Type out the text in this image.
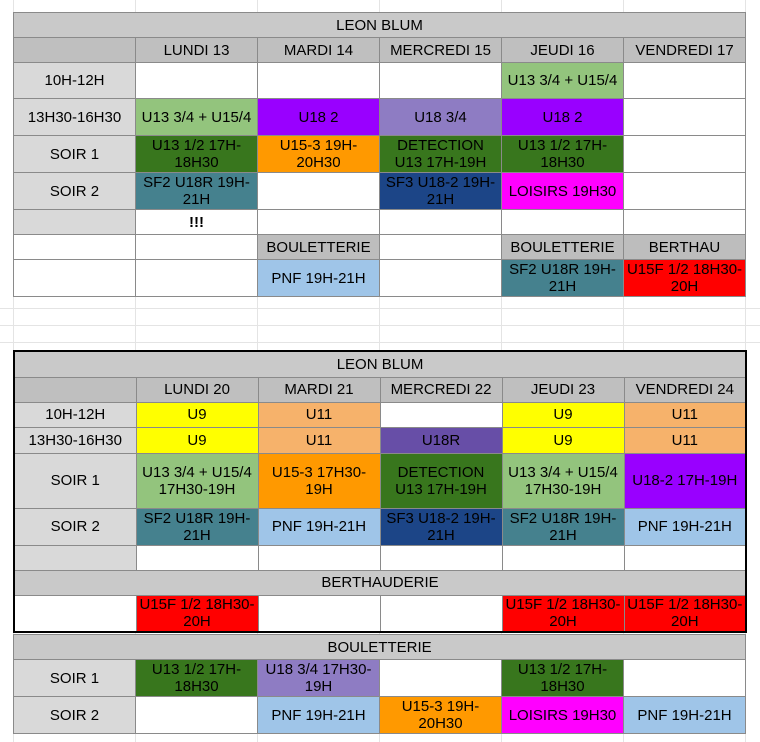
LEON BLUM					
	LUNDI 13	MARDI 14	MERCREDI 15	JEUDI 16	VENDREDI 17
10H-12H				U13 3/4 + U15/4	
13H30-16H30	U13 3/4 + U15/4	U18 2	U18 3/4	U18 2	
SOIR 1	U13 1/2 17H-18H30	U15-3 19H-20H30	DETECTION U13 17H-19H	U13 1/2 17H-18H30	
SOIR 2	SF2 U18R 19H-21H		SF3 U18-2 19H-21H	LOISIRS 19H30	
	!!!				
		BOULETTERIE		BOULETTERIE	BERTHAU
		PNF 19H-21H		SF2 U18R 19H-21H	U15F 1/2 18H30-20H
LEON BLUM					
	LUNDI 20	MARDI 21	MERCREDI 22	JEUDI 23	VENDREDI 24
10H-12H	U9	U11		U9	U11
13H30-16H30	U9	U11	U18R	U9	U11
SOIR 1	U13 3/4 + U15/4 17H30-19H	U15-3 17H30-19H	DETECTION U13 17H-19H	U13 3/4 + U15/4 17H30-19H	U18-2 17H-19H
SOIR 2	SF2 U18R 19H-21H	PNF 19H-21H	SF3 U18-2 19H-21H	SF2 U18R 19H-21H	PNF 19H-21H

BERTHAUDERIE					
	U15F 1/2 18H30-20H			U15F 1/2 18H30-20H	U15F 1/2 18H30-20H
BOULETTERIE					
SOIR 1	U13 1/2 17H-18H30	U18 3/4 17H30-19H		U13 1/2 17H-18H30	
SOIR 2		PNF 19H-21H	U15-3 19H-20H30	LOISIRS 19H30	PNF 19H-21H
